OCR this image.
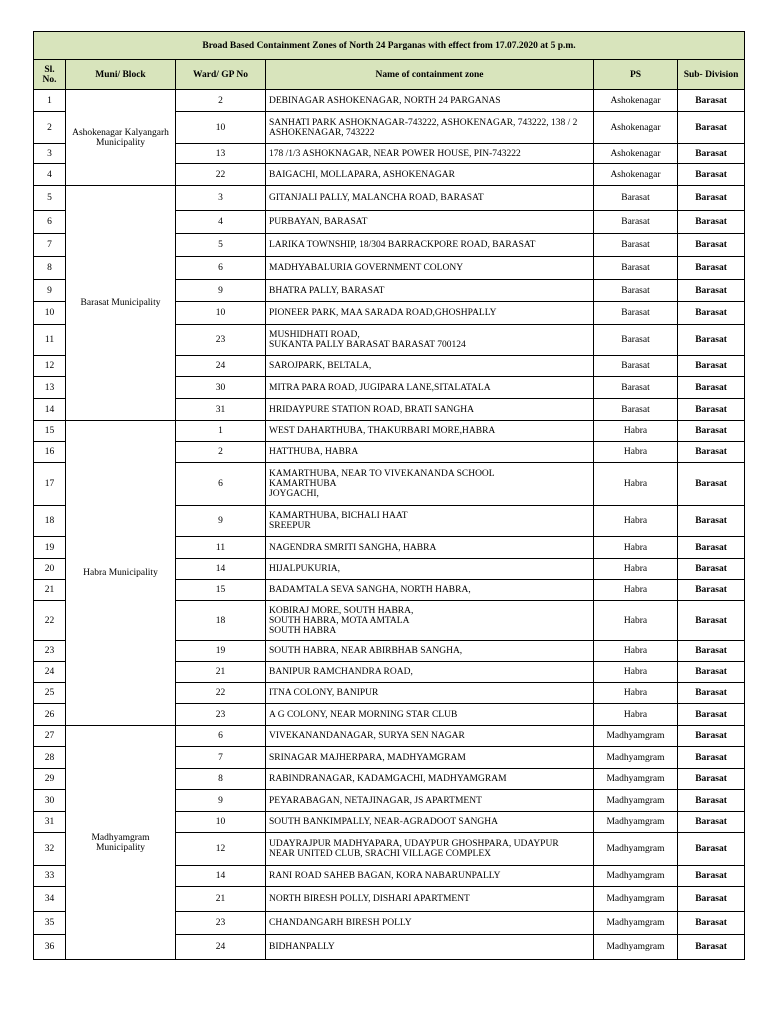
Broad Based Containment Zones of North 24 Parganas with effect from 17.07.2020 at 5 p.m.					
Sl. No.	Muni/ Block	Ward/ GP No	Name of containment zone	PS	Sub- Division
1	Ashokenagar Kalyangarh Municipality	2	DEBINAGAR ASHOKENAGAR, NORTH 24 PARGANAS	Ashokenagar	Barasat
2		10	SANHATI PARK ASHOKNAGAR-743222, ASHOKENAGAR, 743222, 138 / 2
ASHOKENAGAR, 743222	Ashokenagar	Barasat
3		13	178 /1/3 ASHOKNAGAR, NEAR POWER HOUSE, PIN-743222	Ashokenagar	Barasat
4		22	BAIGACHI, MOLLAPARA, ASHOKENAGAR	Ashokenagar	Barasat
5	Barasat Municipality	3	GITANJALI PALLY, MALANCHA ROAD, BARASAT	Barasat	Barasat
6		4	PURBAYAN, BARASAT	Barasat	Barasat
7		5	LARIKA TOWNSHIP, 18/304 BARRACKPORE ROAD, BARASAT	Barasat	Barasat
8		6	MADHYABALURIA GOVERNMENT COLONY	Barasat	Barasat
9		9	BHATRA PALLY, BARASAT	Barasat	Barasat
10		10	PIONEER PARK, MAA SARADA ROAD,GHOSHPALLY	Barasat	Barasat
11		23	MUSHIDHATI ROAD,
SUKANTA PALLY BARASAT BARASAT 700124	Barasat	Barasat
12		24	SAROJPARK, BELTALA,	Barasat	Barasat
13		30	MITRA PARA ROAD, JUGIPARA LANE,SITALATALA	Barasat	Barasat
14		31	HRIDAYPURE STATION ROAD, BRATI SANGHA	Barasat	Barasat
15	Habra Municipality	1	WEST DAHARTHUBA, THAKURBARI MORE,HABRA	Habra	Barasat
16		2	HATTHUBA, HABRA	Habra	Barasat
17		6	KAMARTHUBA, NEAR TO VIVEKANANDA SCHOOL
KAMARTHUBA
JOYGACHI,	Habra	Barasat
18		9	KAMARTHUBA, BICHALI HAAT
SREEPUR	Habra	Barasat
19		11	NAGENDRA SMRITI SANGHA, HABRA	Habra	Barasat
20		14	HIJALPUKURIA,	Habra	Barasat
21		15	BADAMTALA SEVA SANGHA, NORTH HABRA,	Habra	Barasat
22		18	KOBIRAJ MORE, SOUTH HABRA,
SOUTH HABRA, MOTA AMTALA
SOUTH HABRA	Habra	Barasat
23		19	SOUTH HABRA, NEAR ABIRBHAB SANGHA,	Habra	Barasat
24		21	BANIPUR RAMCHANDRA ROAD,	Habra	Barasat
25		22	ITNA COLONY, BANIPUR	Habra	Barasat
26		23	A G COLONY, NEAR MORNING STAR CLUB	Habra	Barasat
27	Madhyamgram Municipality	6	VIVEKANANDANAGAR, SURYA SEN NAGAR	Madhyamgram	Barasat
28		7	SRINAGAR MAJHERPARA, MADHYAMGRAM	Madhyamgram	Barasat
29		8	RABINDRANAGAR, KADAMGACHI, MADHYAMGRAM	Madhyamgram	Barasat
30		9	PEYARABAGAN, NETAJINAGAR, JS APARTMENT	Madhyamgram	Barasat
31		10	SOUTH BANKIMPALLY, NEAR-AGRADOOT SANGHA	Madhyamgram	Barasat
32		12	UDAYRAJPUR MADHYAPARA, UDAYPUR GHOSHPARA, UDAYPUR
NEAR UNITED CLUB, SRACHI VILLAGE COMPLEX	Madhyamgram	Barasat
33		14	RANI ROAD SAHEB BAGAN, KORA NABARUNPALLY	Madhyamgram	Barasat
34		21	NORTH BIRESH POLLY, DISHARI APARTMENT	Madhyamgram	Barasat
35		23	CHANDANGARH BIRESH POLLY	Madhyamgram	Barasat
36		24	BIDHANPALLY	Madhyamgram	Barasat
